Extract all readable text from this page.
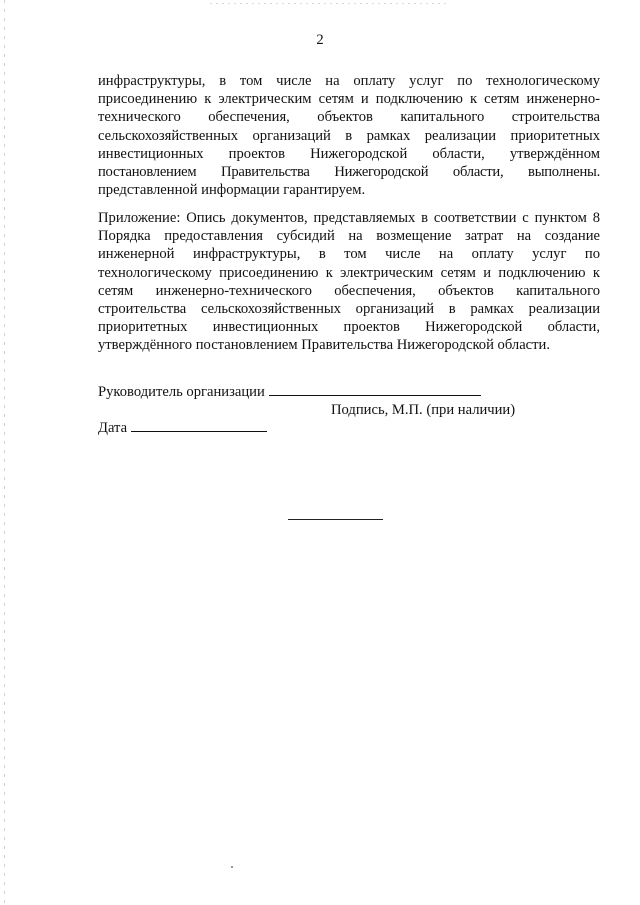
2
инфраструктуры, в том числе на оплату услуг по технологическому
присоединению к электрическим сетям и подключению к сетям инженерно-
технического обеспечения, объектов капитального строительства
сельскохозяйственных организаций в рамках реализации приоритетных
инвестиционных проектов Нижегородской области, утверждённом
постановлением Правительства Нижегородской области, выполнены.
представленной информации гарантируем.
Приложение: Опись документов, представляемых в соответствии с пунктом 8
Порядка предоставления субсидий на возмещение затрат на создание
инженерной инфраструктуры, в том числе на оплату услуг по
технологическому присоединению к электрическим сетям и подключению к
сетям инженерно-технического обеспечения, объектов капитального
строительства сельскохозяйственных организаций в рамках реализации
приоритетных инвестиционных проектов Нижегородской области,
утверждённого постановлением Правительства Нижегородской области.
Руководитель организации
Подпись, М.П. (при наличии)
Дата
